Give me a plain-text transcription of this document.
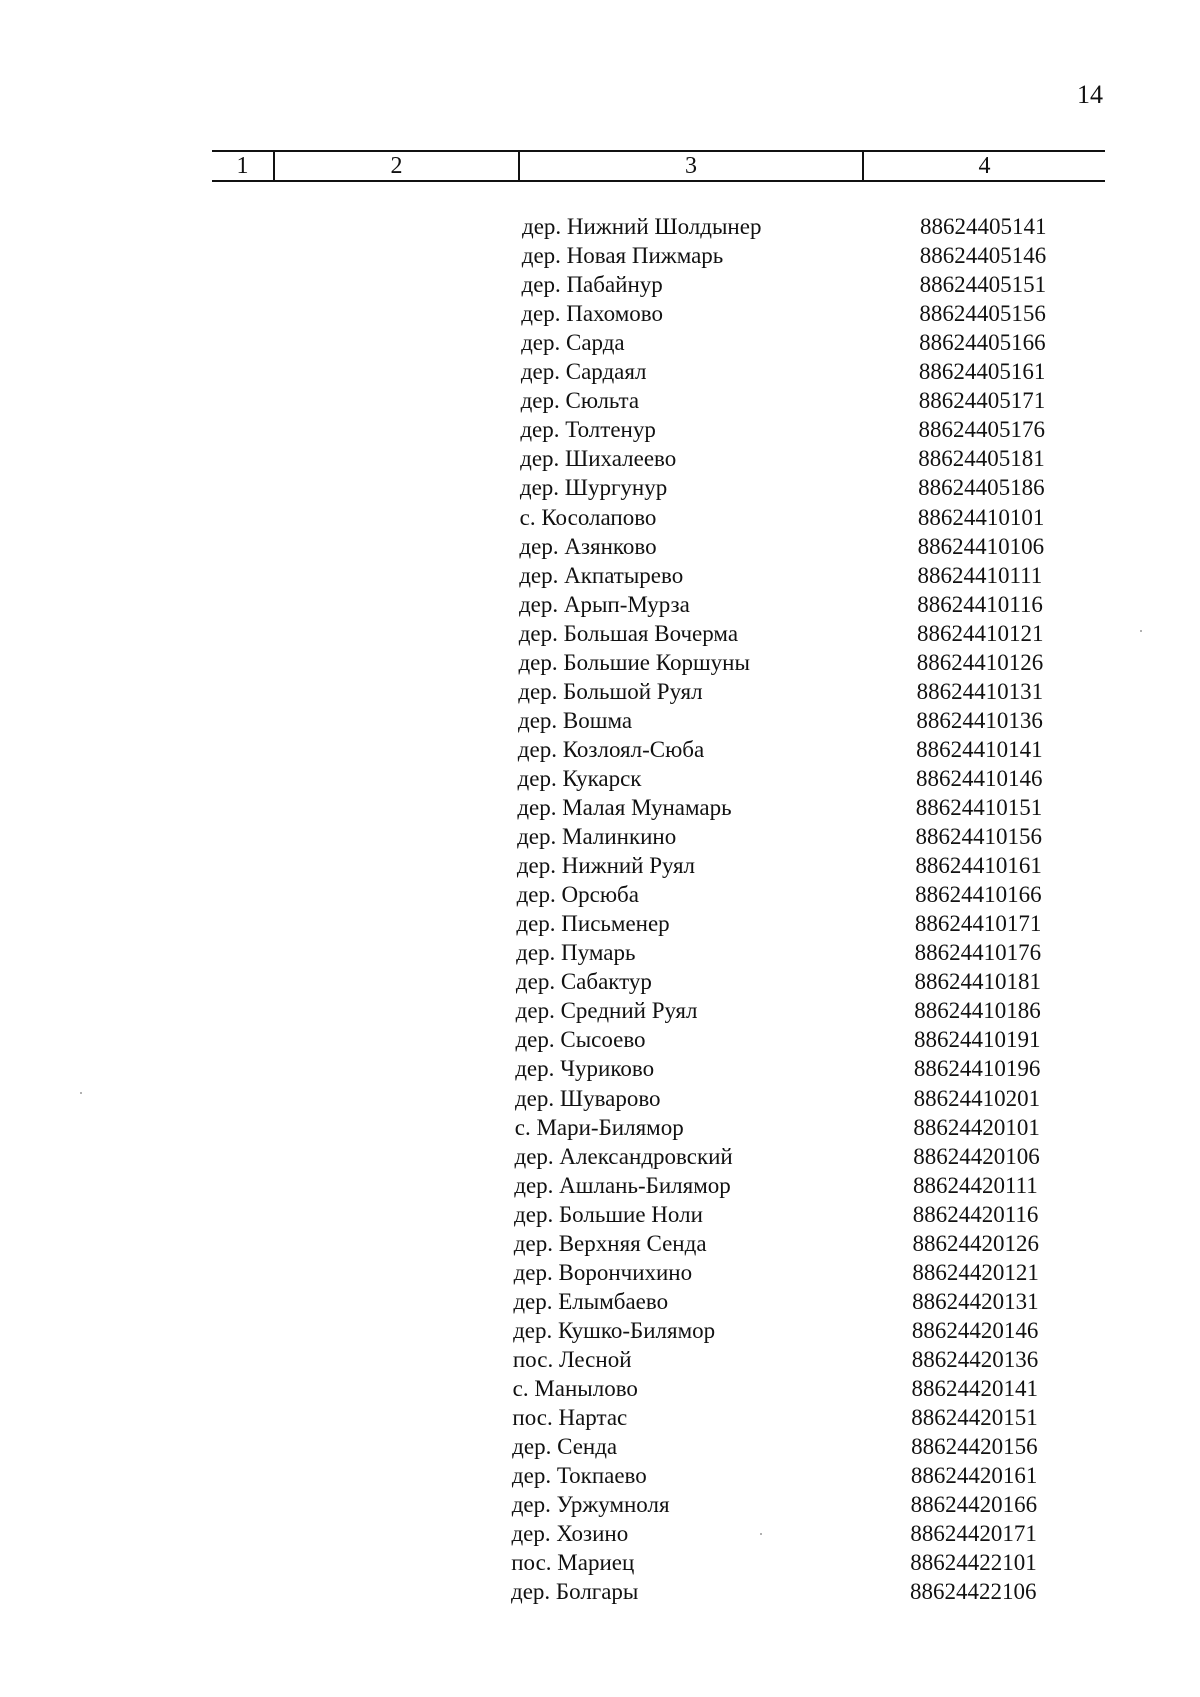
14
1	2	3	4
дер. Нижний Шолдынер	88624405141
дер. Новая Пижмарь	88624405146
дер. Пабайнур	88624405151
дер. Пахомово	88624405156
дер. Сарда	88624405166
дер. Сардаял	88624405161
дер. Сюльта	88624405171
дер. Толтенур	88624405176
дер. Шихалеево	88624405181
дер. Шургунур	88624405186
с. Косолапово	88624410101
дер. Азянково	88624410106
дер. Акпатырево	88624410111
дер. Арып-Мурза	88624410116
дер. Большая Вочерма	88624410121
дер. Большие Коршуны	88624410126
дер. Большой Руял	88624410131
дер. Вошма	88624410136
дер. Козлоял-Сюба	88624410141
дер. Кукарск	88624410146
дер. Малая Мунамарь	88624410151
дер. Малинкино	88624410156
дер. Нижний Руял	88624410161
дер. Орсюба	88624410166
дер. Письменер	88624410171
дер. Пумарь	88624410176
дер. Сабактур	88624410181
дер. Средний Руял	88624410186
дер. Сысоево	88624410191
дер. Чуриково	88624410196
дер. Шуварово	88624410201
с. Мари-Билямор	88624420101
дер. Александровский	88624420106
дер. Ашлань-Билямор	88624420111
дер. Большие Ноли	88624420116
дер. Верхняя Сенда	88624420126
дер. Ворончихино	88624420121
дер. Елымбаево	88624420131
дер. Кушко-Билямор	88624420146
пос. Лесной	88624420136
с. Манылово	88624420141
пос. Нартас	88624420151
дер. Сенда	88624420156
дер. Токпаево	88624420161
дер. Уржумноля	88624420166
дер. Хозино	88624420171
пос. Мариец	88624422101
дер. Болгары	88624422106
